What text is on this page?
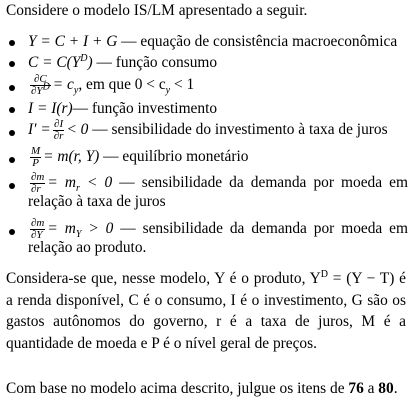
Considere o modelo IS/LM apresentado a seguir.
Y = C + I + G — equação de consistência macroeconômica
$C = C(Y^D)$ — função consumo
$\frac{\partial C}{\partial Y^D} = c_y$, em que $0 < c_y < 1$
I = I(r)— função investimento
$I' = \frac{\partial I}{\partial r} < 0$ — sensibilidade do investimento à taxa de juros
$\frac{M}{P} = m(r$, Y) — equilíbrio monetário
$\frac{\partial m}{\partial r} = m_r < 0$ — sensibilidade da demanda por moeda em
relação à taxa de juros
$\frac{\partial m}{\partial Y} = m_Y > 0$ — sensibilidade da demanda por moeda em
relação ao produto.
Considera-se que, nesse modelo, Y é o produto, $Y^D = (Y - T)$ é
a renda disponível, C é o consumo, I é o investimento, G são os
gastos autônomos do governo, r é a taxa de juros, M é a
quantidade de moeda e P é o nível geral de preços.
Com base no modelo acima descrito, julgue os itens de 76 a 80.
